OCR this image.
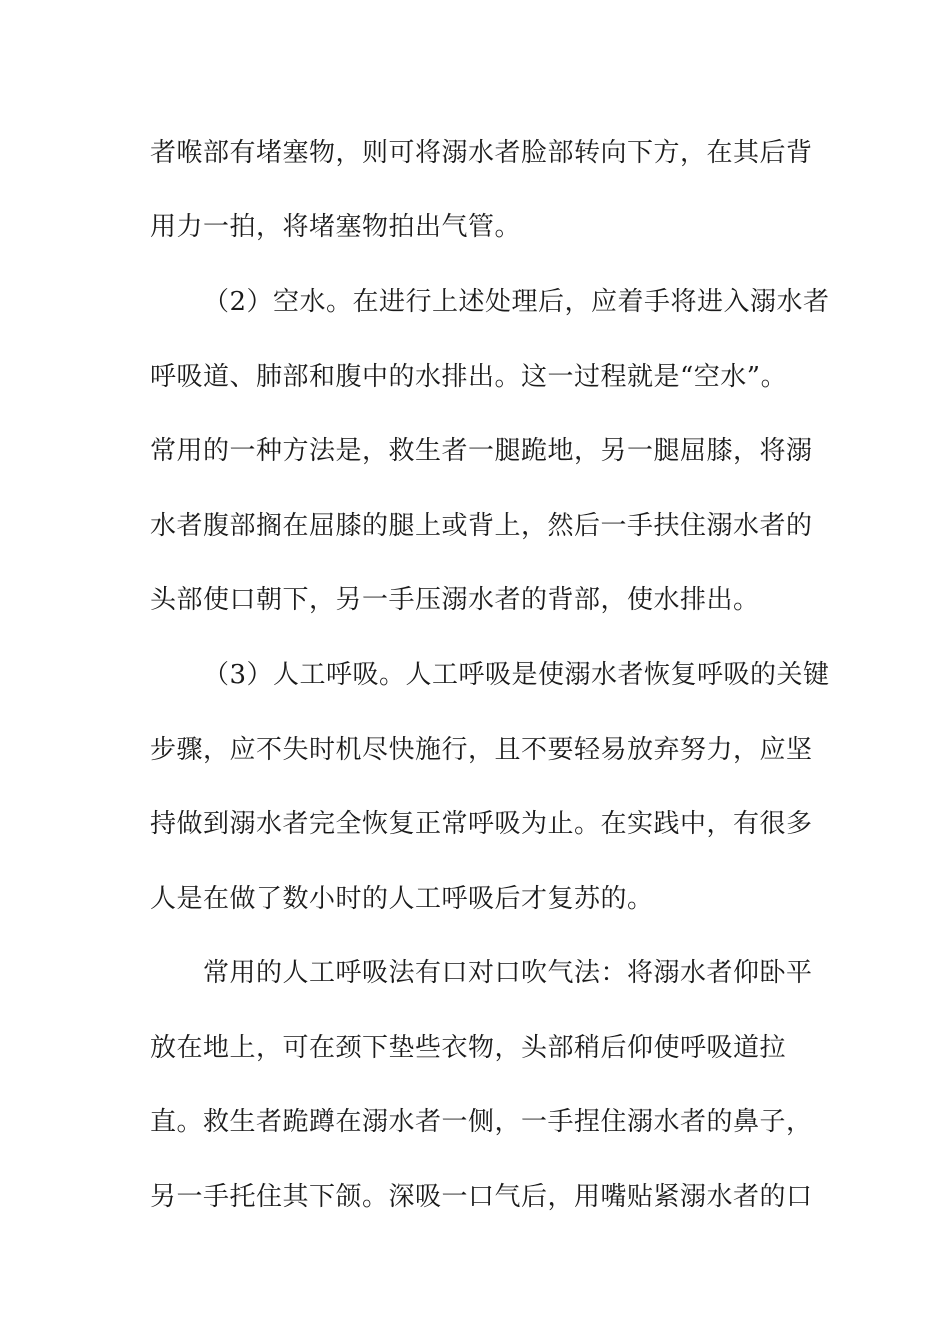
者喉部有堵塞物，则可将溺水者脸部转向下方，在其后背
用力一拍，将堵塞物拍出气管。
（2）空水。在进行上述处理后，应着手将进入溺水者
呼吸道、肺部和腹中的水排出。这一过程就是“空水”。
常用的一种方法是，救生者一腿跪地，另一腿屈膝，将溺
水者腹部搁在屈膝的腿上或背上，然后一手扶住溺水者的
头部使口朝下，另一手压溺水者的背部，使水排出。
（3）人工呼吸。人工呼吸是使溺水者恢复呼吸的关键
步骤，应不失时机尽快施行，且不要轻易放弃努力，应坚
持做到溺水者完全恢复正常呼吸为止。在实践中，有很多
人是在做了数小时的人工呼吸后才复苏的。
常用的人工呼吸法有口对口吹气法：将溺水者仰卧平
放在地上，可在颈下垫些衣物，头部稍后仰使呼吸道拉
直。救生者跪蹲在溺水者一侧，一手捏住溺水者的鼻子，
另一手托住其下颌。深吸一口气后，用嘴贴紧溺水者的口
